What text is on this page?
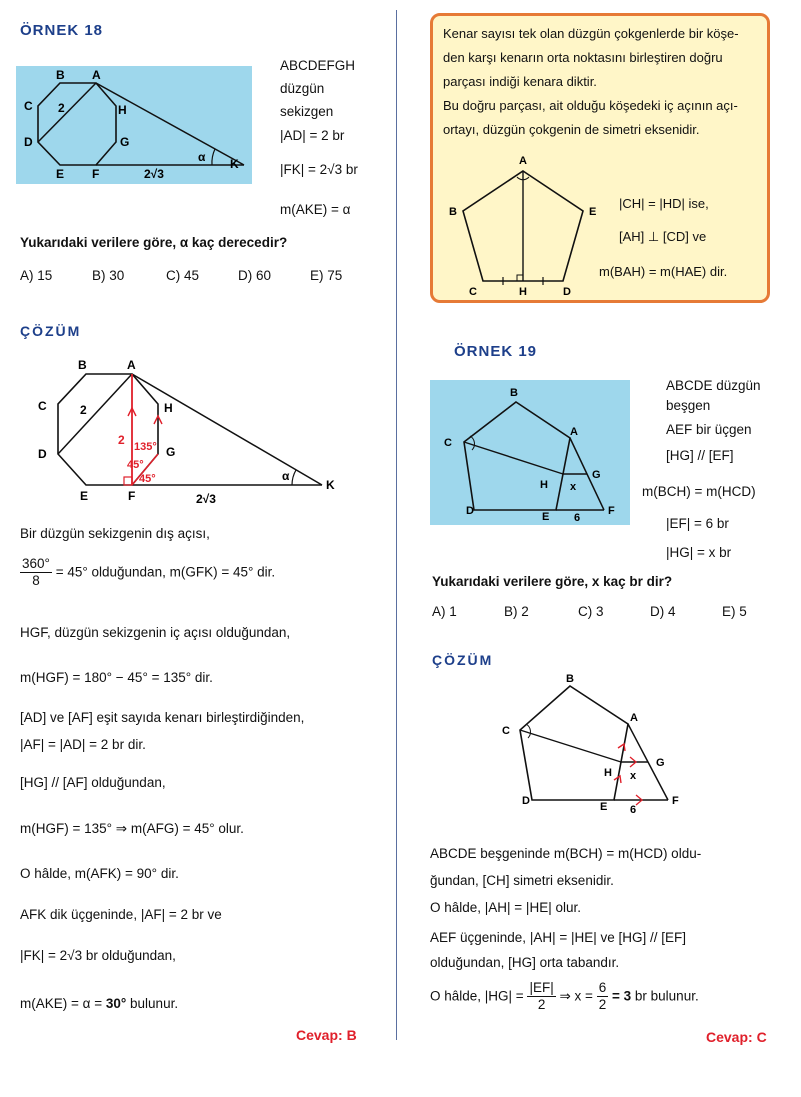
ÖRNEK 18
B A
C
D
E F
G
H
K
2
α
2√3
ABCDEFGH
düzgün
sekizgen
|AD| = 2 br
|FK| = 2√3 br
m(AKE) = α
Yukarıdaki verilere göre, α kaç derecedir?
A) 15	B) 30	C) 45	D) 60	E) 75
ÇÖZÜM
B	A
C
D
E	F
G
H
K
2
2 135°
45°
45°	α
2√3
Bir düzgün sekizgenin dış açısı,
$\frac{360^\circ}{8} = 45^\circ$ olduğundan, m(GFK) = 45° dir.
HGF, düzgün sekizgenin iç açısı olduğundan,
m(HGF) = 180° − 45° = 135° dir.
[AD] ve [AF] eşit sayıda kenarı birleştirdiğinden,
|AF| = |AD| = 2 br dir.
[HG] // [AF] olduğundan,
m(HGF) = 135° ⇒ m(AFG) = 45° olur.
O hâlde, m(AFK) = 90° dir.
AFK dik üçgeninde, |AF| = 2 br ve
|FK| = 2√3 br olduğundan,
m(AKE) = α = 30° bulunur.
Cevap: B
Kenar sayısı tek olan düzgün çokgenlerde bir köşe-
den karşı kenarın orta noktasını birleştiren doğru
parçası indiği kenara diktir.
Bu doğru parçası, ait olduğu köşedeki iç açının açı-
ortayı, düzgün çokgenin de simetri eksenidir.
A
B
C	H	D
E
|CH| = |HD| ise,
[AH] ⊥ [CD] ve
m(BAH) = m(HAE) dir.
ÖRNEK 19
B
A
C
D	E	F
G
H x
6
ABCDE düzgün
beşgen
AEF bir üçgen
[HG] // [EF]
m(BCH) = m(HCD)
|EF| = 6 br
|HG| = x br
Yukarıdaki verilere göre, x kaç br dir?
A) 1	B) 2	C) 3	D) 4	E) 5
ÇÖZÜM
B
A
C
D	E	F
G
H x
6
ABCDE beşgeninde m(BCH) = m(HCD) oldu-
ğundan, [CH] simetri eksenidir.
O hâlde, |AH| = |HE| olur.
AEF üçgeninde, |AH| = |HE| ve [HG] // [EF]
olduğundan, [HG] orta tabandır.
O hâlde, $|HG| = \frac{|EF|}{2}$ ⇒ $x = \frac{6}{2} = 3$ br bulunur.
Cevap: C
